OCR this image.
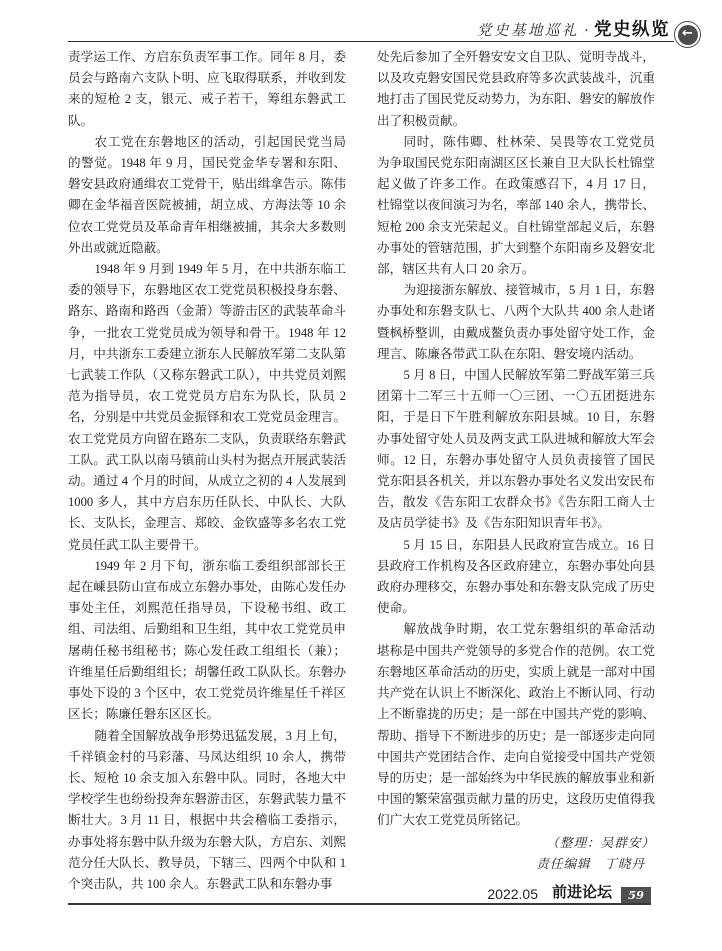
党史基地巡礼 · 党史纵览 ←

责学运工作、方启东负责军事工作。同年 8 月，委员会与路南六支队卜明、应飞取得联系，并收到发来的短枪 2 支，银元、戒子若干，筹组东磐武工队。

农工党在东磐地区的活动，引起国民党当局的警觉。1948 年 9 月，国民党金华专署和东阳、磐安县政府通缉农工党骨干，贴出缉拿告示。陈伟卿在金华福音医院被捕，胡立成、方海法等 10 余位农工党党员及革命青年相继被捕，其余大多数则外出或就近隐蔽。

1948 年 9 月到 1949 年 5 月，在中共浙东临工委的领导下，东磐地区农工党党员积极投身东磐、路东、路南和路西（金萧）等游击区的武装革命斗争，一批农工党党员成为领导和骨干。1948 年 12 月，中共浙东工委建立浙东人民解放军第二支队第七武装工作队（又称东磐武工队），中共党员刘熙范为指导员，农工党党员方启东为队长，队员 2 名，分别是中共党员金振铎和农工党党员金理言。农工党党员方向留在路东二支队，负责联络东磐武工队。武工队以南马镇前山头村为据点开展武装活动。通过 4 个月的时间，从成立之初的 4 人发展到 1000 多人，其中方启东历任队长、中队长、大队长、支队长，金理言、郑皎、金钦盛等多名农工党党员任武工队主要骨干。

1949 年 2 月下旬，浙东临工委组织部部长王起在嵊县防山宣布成立东磐办事处，由陈心发任办事处主任，刘熙范任指导员，下设秘书组、政工组、司法组、后勤组和卫生组，其中农工党党员申屠萌任秘书组秘书；陈心发任政工组组长（兼）；许维星任后勤组组长；胡馨任政工队队长。东磐办事处下设的 3 个区中，农工党党员许维星任千祥区区长；陈廉任磐东区区长。

随着全国解放战争形势迅猛发展，3 月上旬，千祥镇金村的马彩藩、马凤达组织 10 余人，携带长、短枪 10 余支加入东磐中队。同时，各地大中学校学生也纷纷投奔东磐游击区，东磐武装力量不断壮大。3 月 11 日，根据中共会稽临工委指示，办事处将东磐中队升级为东磐大队，方启东、刘熙范分任大队长、教导员，下辖三、四两个中队和 1 个突击队，共 100 余人。东磐武工队和东磐办事

处先后参加了全歼磐安安文自卫队、觉明寺战斗，以及攻克磐安国民党县政府等多次武装战斗，沉重地打击了国民党反动势力，为东阳、磐安的解放作出了积极贡献。

同时，陈伟卿、杜林荣、吴畏等农工党党员为争取国民党东阳南湖区区长兼自卫大队长杜锦堂起义做了许多工作。在政策感召下，4 月 17 日，杜锦堂以夜间演习为名，率部 140 余人，携带长、短枪 200 余支光荣起义。自杜锦堂部起义后，东磐办事处的管辖范围，扩大到整个东阳南乡及磐安北部，辖区共有人口 20 余万。

为迎接浙东解放、接管城市，5 月 1 日，东磐办事处和东磐支队七、八两个大队共 400 余人赴诸暨枫桥整训，由戴成鳌负责办事处留守处工作，金理言、陈廉各带武工队在东阳、磐安境内活动。

5 月 8 日，中国人民解放军第二野战军第三兵团第十二军三十五师一〇三团、一〇五团挺进东阳，于是日下午胜利解放东阳县城。10 日，东磐办事处留守处人员及两支武工队进城和解放大军会师。12 日，东磐办事处留守人员负责接管了国民党东阳县各机关，并以东磐办事处名义发出安民布告，散发《告东阳工农群众书》《告东阳工商人士及店员学徒书》及《告东阳知识青年书》。

5 月 15 日，东阳县人民政府宣告成立。16 日县政府工作机构及各区政府建立，东磐办事处向县政府办理移交，东磐办事处和东磐支队完成了历史使命。

解放战争时期，农工党东磐组织的革命活动堪称是中国共产党领导的多党合作的范例。农工党东磐地区革命活动的历史，实质上就是一部对中国共产党在认识上不断深化、政治上不断认同、行动上不断靠拢的历史；是一部在中国共产党的影响、帮助、指导下不断进步的历史；是一部逐步走向同中国共产党团结合作、走向自觉接受中国共产党领导的历史；是一部始终为中华民族的解放事业和新中国的繁荣富强贡献力量的历史，这段历史值得我们广大农工党党员所铭记。

（整理：吴群安）

责任编辑　丁晓丹

2022.05 前进论坛	59
